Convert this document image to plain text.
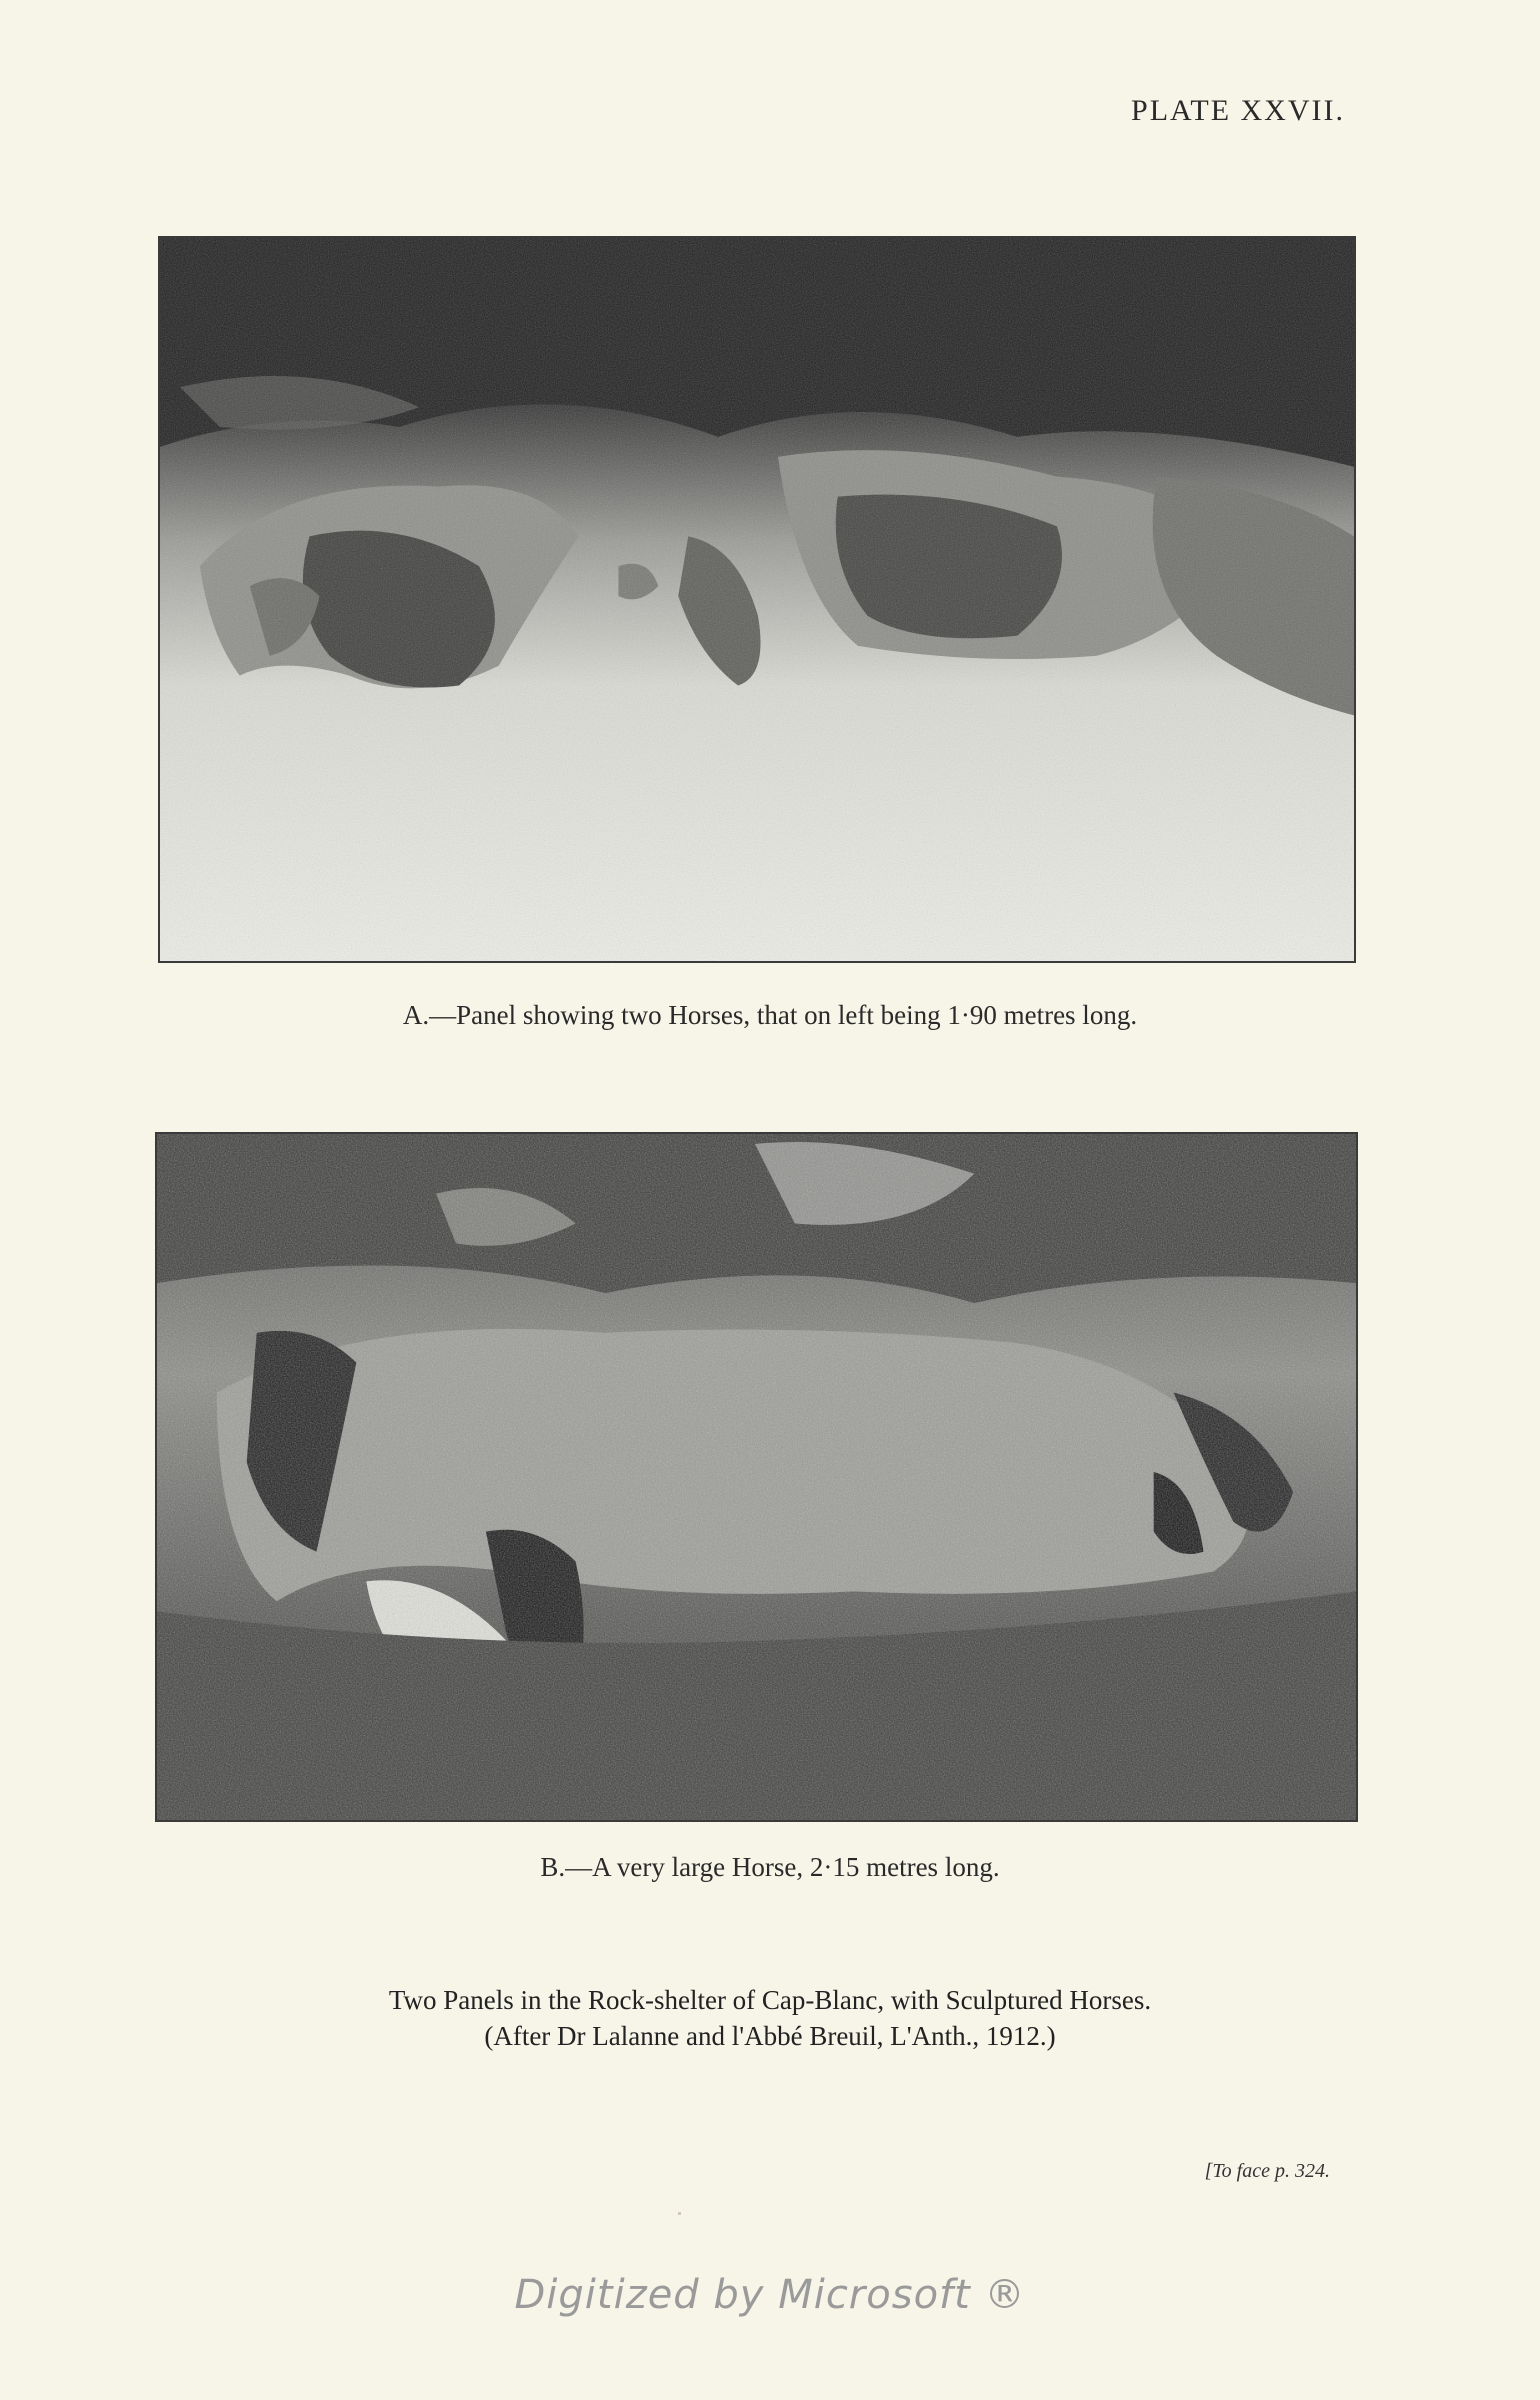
PLATE XXVII.
A.—Panel showing two Horses, that on left being 1·90 metres long.
B.—A very large Horse, 2·15 metres long.
Two Panels in the Rock-shelter of Cap-Blanc, with Sculptured Horses.
(After Dr Lalanne and l'Abbé Breuil, L'Anth., 1912.)
[To face p. 324.
Digitized by Microsoft ®
